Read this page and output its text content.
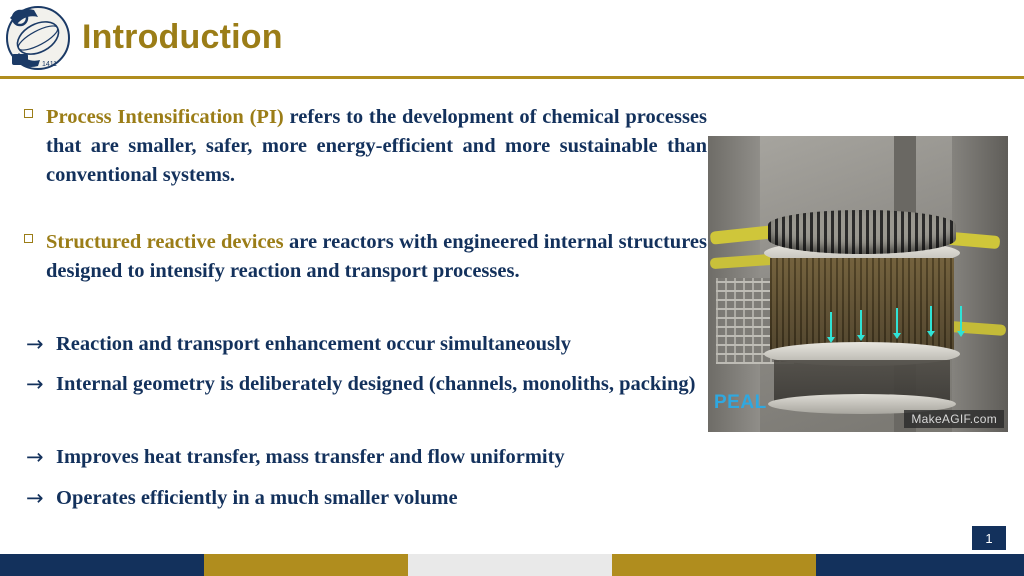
1411
Introduction
Process Intensification (PI) refers to the development of chemical processes that are smaller, safer, more energy-efficient and more sustainable than conventional systems.
Structured reactive devices are reactors with engineered internal structures designed to intensify reaction and transport processes.
→ Reaction and transport enhancement occur simultaneously
→ Internal geometry is deliberately designed (channels, monoliths, packing)
→ Improves heat transfer, mass transfer and flow uniformity
→ Operates efficiently in a much smaller volume
PEAL
MakeAGIF.com
1
